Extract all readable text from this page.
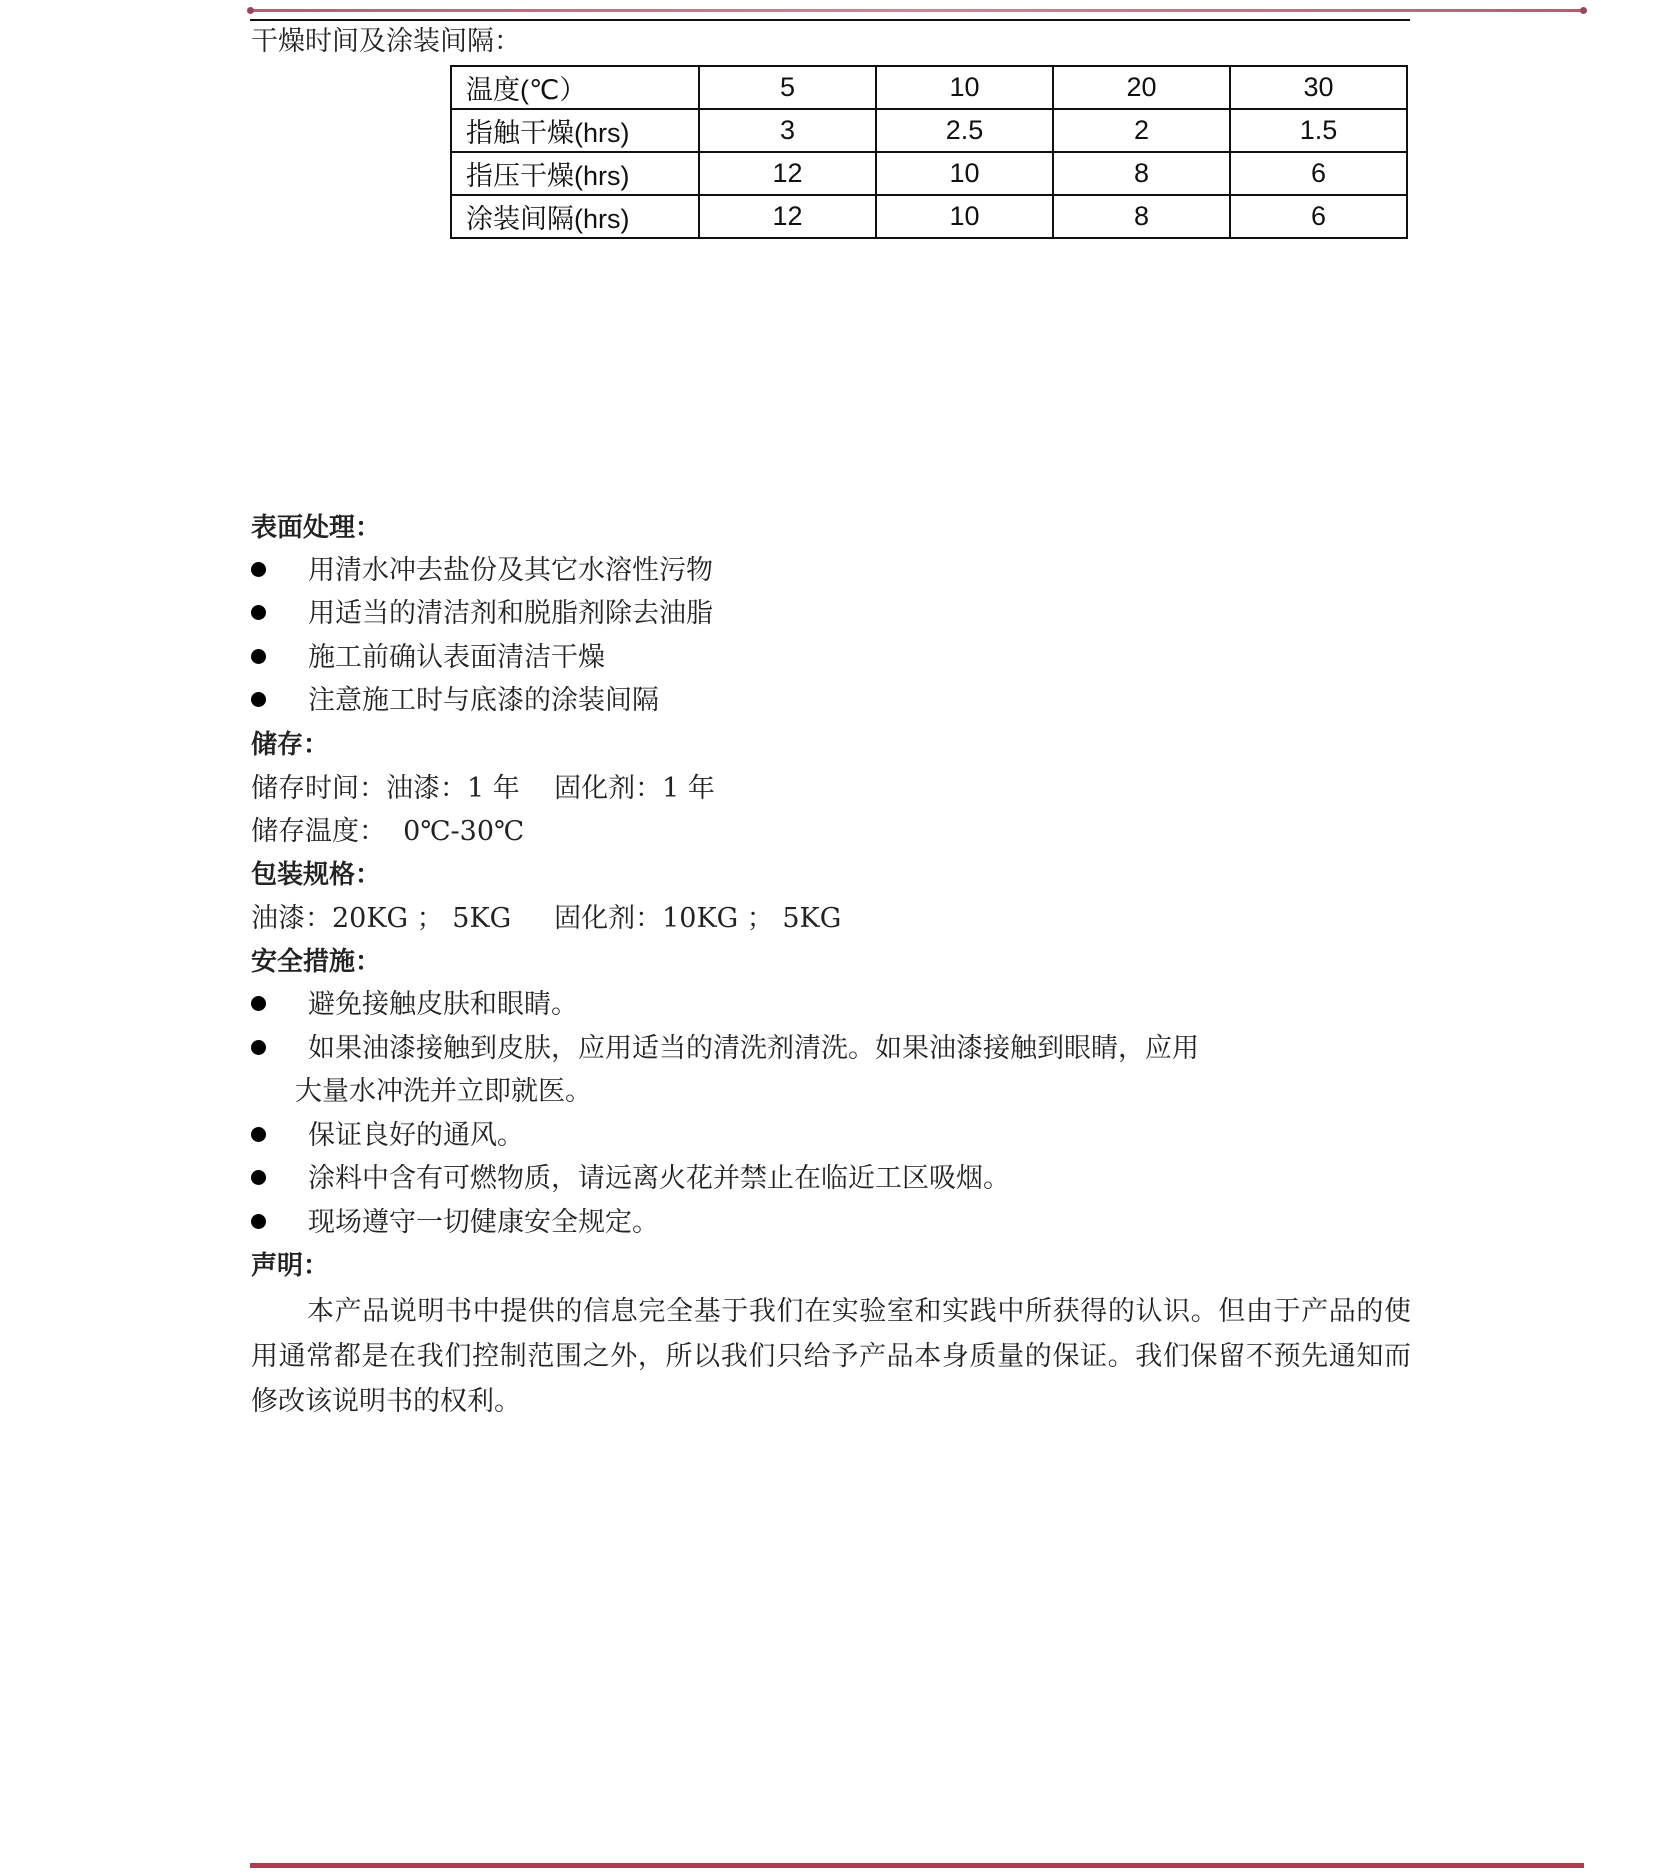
干燥时间及涂装间隔：
温度(℃）	5	10	20	30
指触干燥(hrs)	3	2.5	2	1.5
指压干燥(hrs)	12	10	8	6
涂装间隔(hrs)	12	10	8	6
表面处理：
用清水冲去盐份及其它水溶性污物
用适当的清洁剂和脱脂剂除去油脂
施工前确认表面清洁干燥
注意施工时与底漆的涂装间隔
储存：
储存时间：油漆：1 年    固化剂：1 年
储存温度：  0℃-30℃
包装规格：
油漆：20KG ； 5KG     固化剂：10KG ； 5KG
安全措施：
避免接触皮肤和眼睛。
如果油漆接触到皮肤，应用适当的清洗剂清洗。如果油漆接触到眼睛，应用
大量水冲洗并立即就医。
保证良好的通风。
涂料中含有可燃物质，请远离火花并禁止在临近工区吸烟。
现场遵守一切健康安全规定。
声明：
本产品说明书中提供的信息完全基于我们在实验室和实践中所获得的认识。但由于产品的使用通常都是在我们控制范围之外，所以我们只给予产品本身质量的保证。我们保留不预先通知而修改该说明书的权利。
